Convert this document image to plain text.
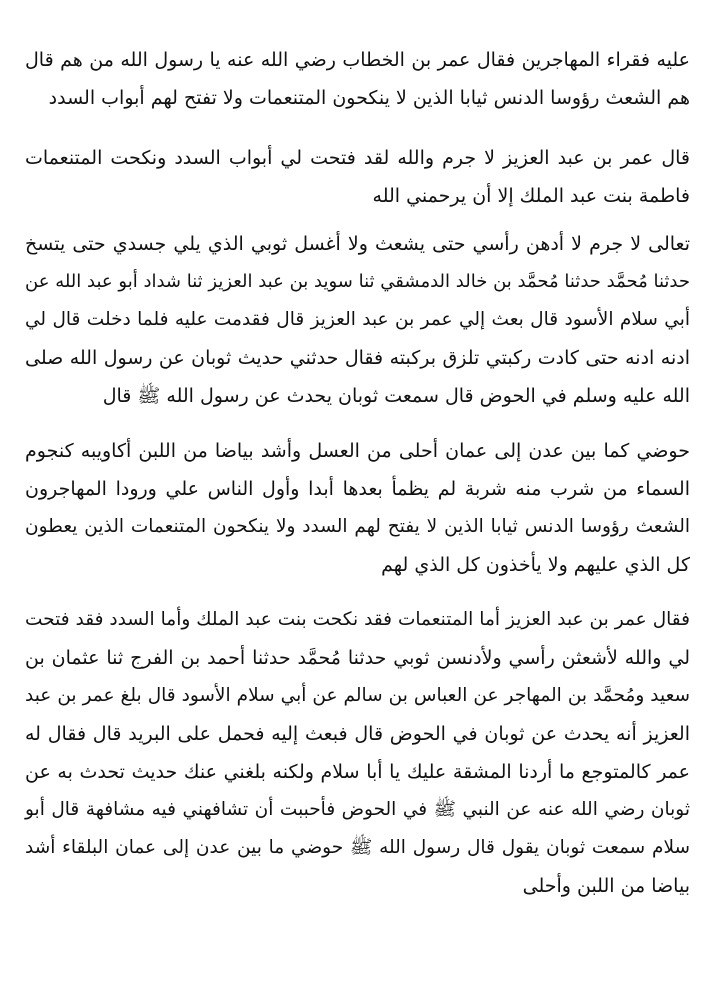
عليه فقراء المهاجرين فقال عمر بن الخطاب رضي الله عنه يا رسول الله من هم قال
هم الشعث رؤوسا الدنس ثيابا الذين لا ينكحون المتنعمات ولا تفتح لهم أبواب السدد
قال عمر بن عبد العزيز لا جرم والله لقد فتحت لي أبواب السدد ونكحت المتنعمات
فاطمة بنت عبد الملك إلا أن يرحمني الله
تعالى لا جرم لا أدهن رأسي حتى يشعث ولا أغسل ثوبي الذي يلي جسدي حتى يتسخ
حدثنا مُحمَّد حدثنا مُحمَّد بن خالد الدمشقي ثنا سويد بن عبد العزيز ثنا شداد أبو عبد الله عن
أبي سلام الأسود قال بعث إلي عمر بن عبد العزيز قال فقدمت عليه فلما دخلت قال لي
ادنه ادنه حتى كادت ركبتي تلزق بركبته فقال حدثني حديث ثوبان عن رسول الله صلى
الله عليه وسلم في الحوض قال سمعت ثوبان يحدث عن رسول الله ﷺ قال
حوضي كما بين عدن إلى عمان أحلى من العسل وأشد بياضا من اللبن أكاويبه كنجوم
السماء من شرب منه شربة لم يظمأ بعدها أبدا وأول الناس علي ورودا المهاجرون
الشعث رؤوسا الدنس ثيابا الذين لا يفتح لهم السدد ولا ينكحون المتنعمات الذين يعطون
كل الذي عليهم ولا يأخذون كل الذي لهم
فقال عمر بن عبد العزيز أما المتنعمات فقد نكحت بنت عبد الملك وأما السدد فقد فتحت
لي والله لأشعثن رأسي ولأدنسن ثوبي حدثنا مُحمَّد حدثنا أحمد بن الفرج ثنا عثمان بن
سعيد ومُحمَّد بن المهاجر عن العباس بن سالم عن أبي سلام الأسود قال بلغ عمر بن عبد
العزيز أنه يحدث عن ثوبان في الحوض قال فبعث إليه فحمل على البريد قال فقال له
عمر كالمتوجع ما أردنا المشقة عليك يا أبا سلام ولكنه بلغني عنك حديث تحدث به عن
ثوبان رضي الله عنه عن النبي ﷺ في الحوض فأحببت أن تشافهني فيه مشافهة قال أبو
سلام سمعت ثوبان يقول قال رسول الله ﷺ حوضي ما بين عدن إلى عمان البلقاء أشد
بياضا من اللبن وأحلى
